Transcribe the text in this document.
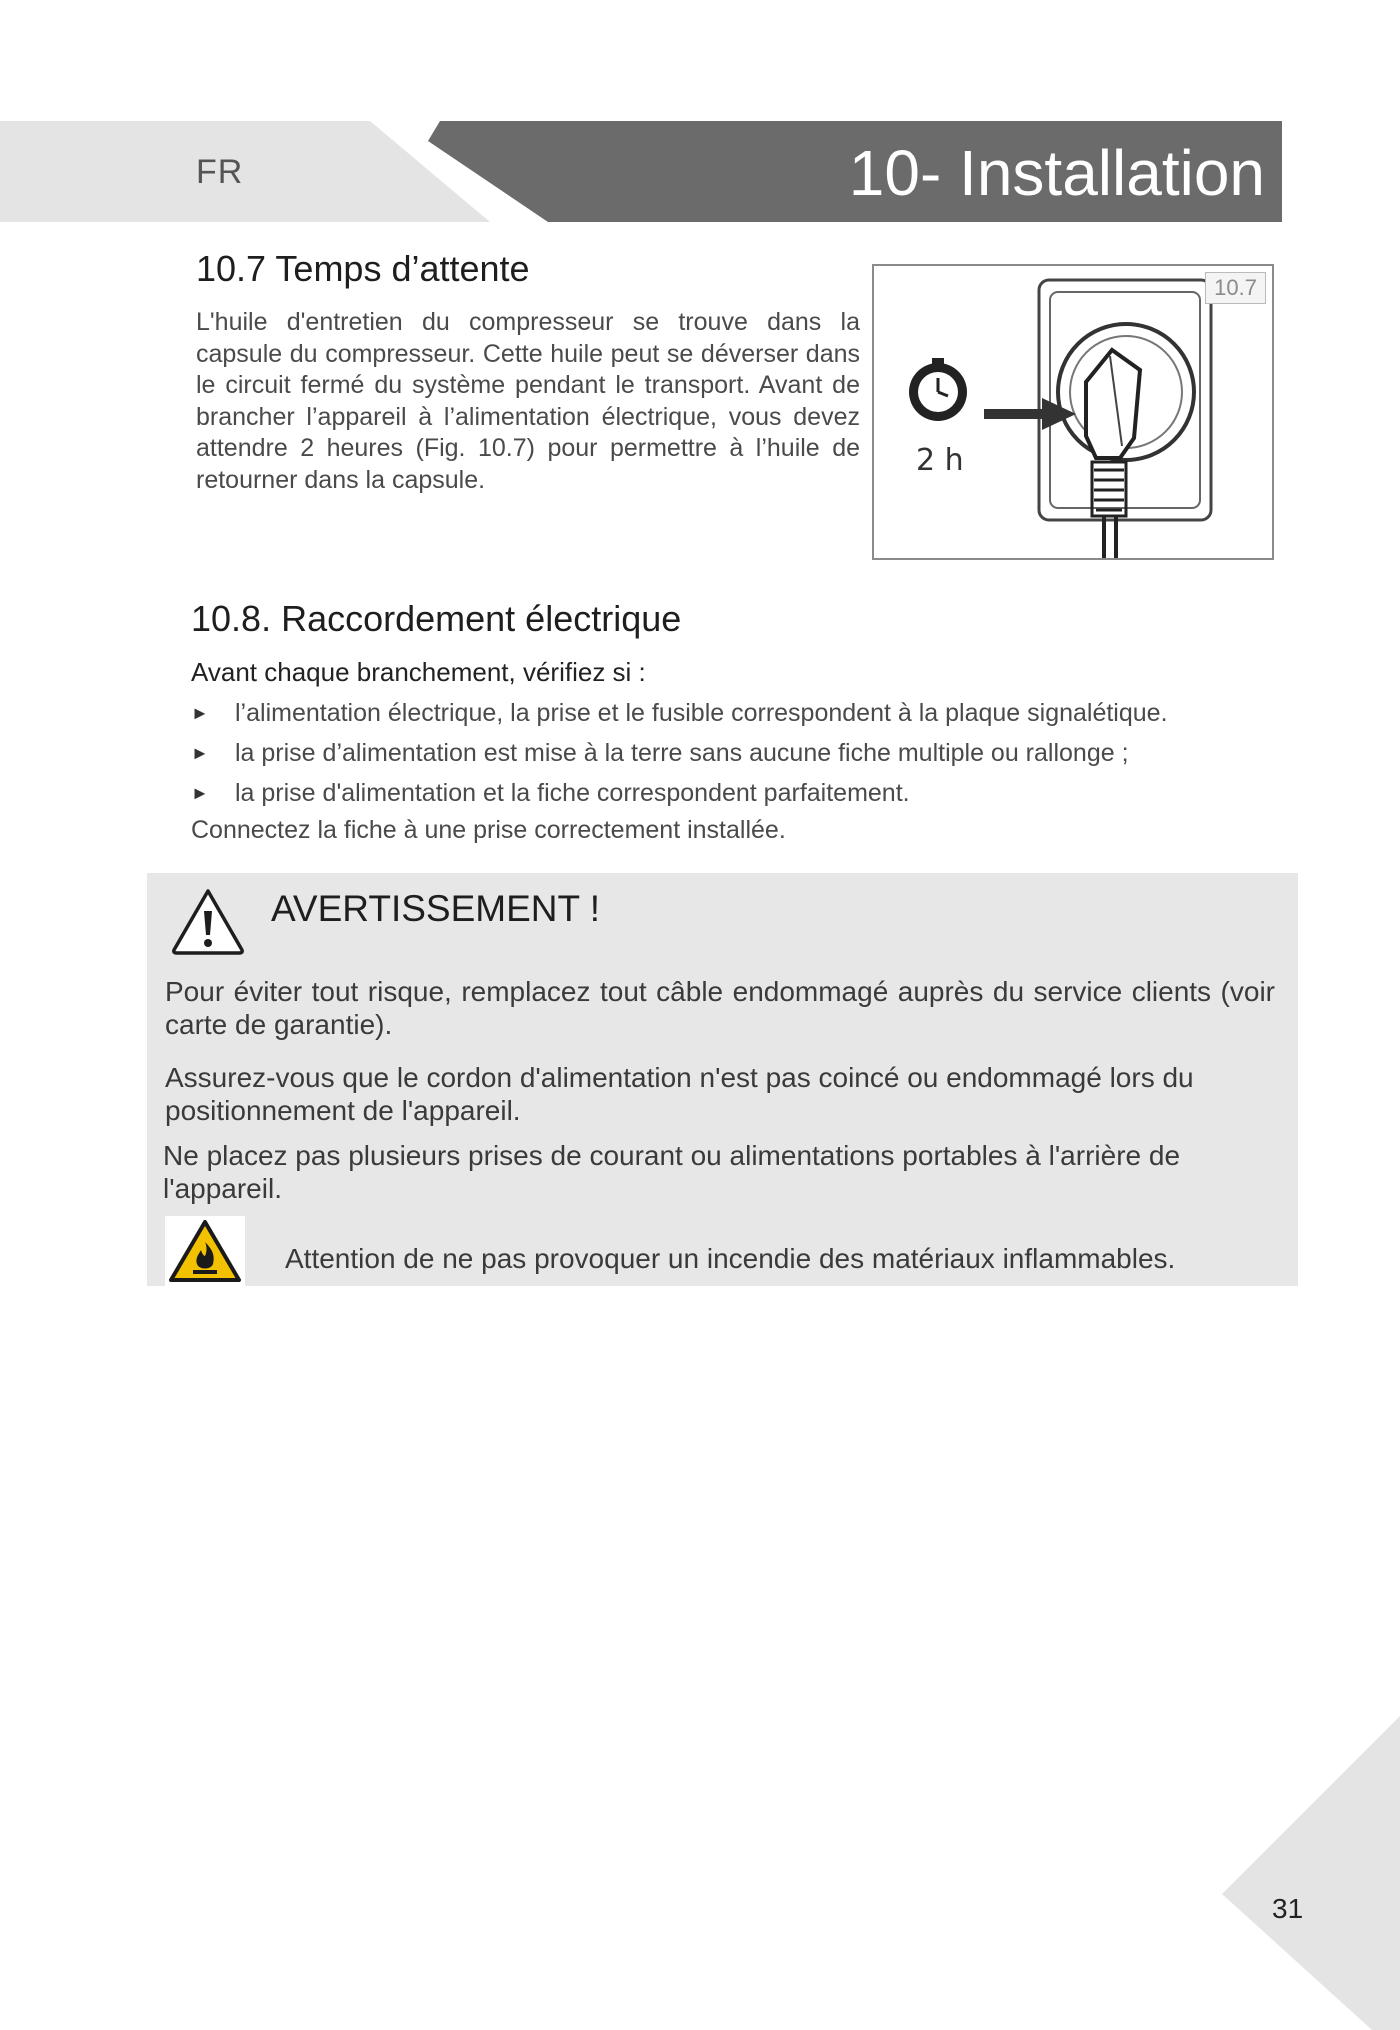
FR	10- Installation
10.7 Temps d’attente

L'huile d'entretien du compresseur se trouve dans la capsule du compresseur. Cette huile peut se déverser dans le circuit fermé du système pendant le transport. Avant de brancher l’appareil à l’alimentation électrique, vous devez attendre 2 heures (Fig. 10.7) pour permettre à l’huile de retourner dans la capsule.

10.7
2 h
10.8. Raccordement électrique

Avant chaque branchement, vérifiez si :

► l’alimentation électrique, la prise et le fusible correspondent à la plaque signalétique.
► la prise d’alimentation est mise à la terre sans aucune fiche multiple ou rallonge ;
► la prise d'alimentation et la fiche correspondent parfaitement.

Connectez la fiche à une prise correctement installée.

AVERTISSEMENT !

Pour éviter tout risque, remplacez tout câble endommagé auprès du service clients (voir carte de garantie).

Assurez-vous que le cordon d'alimentation n'est pas coincé ou endommagé lors du positionnement de l'appareil.

Ne placez pas plusieurs prises de courant ou alimentations portables à l'arrière de l'appareil.

Attention de ne pas provoquer un incendie des matériaux inflammables.

31
